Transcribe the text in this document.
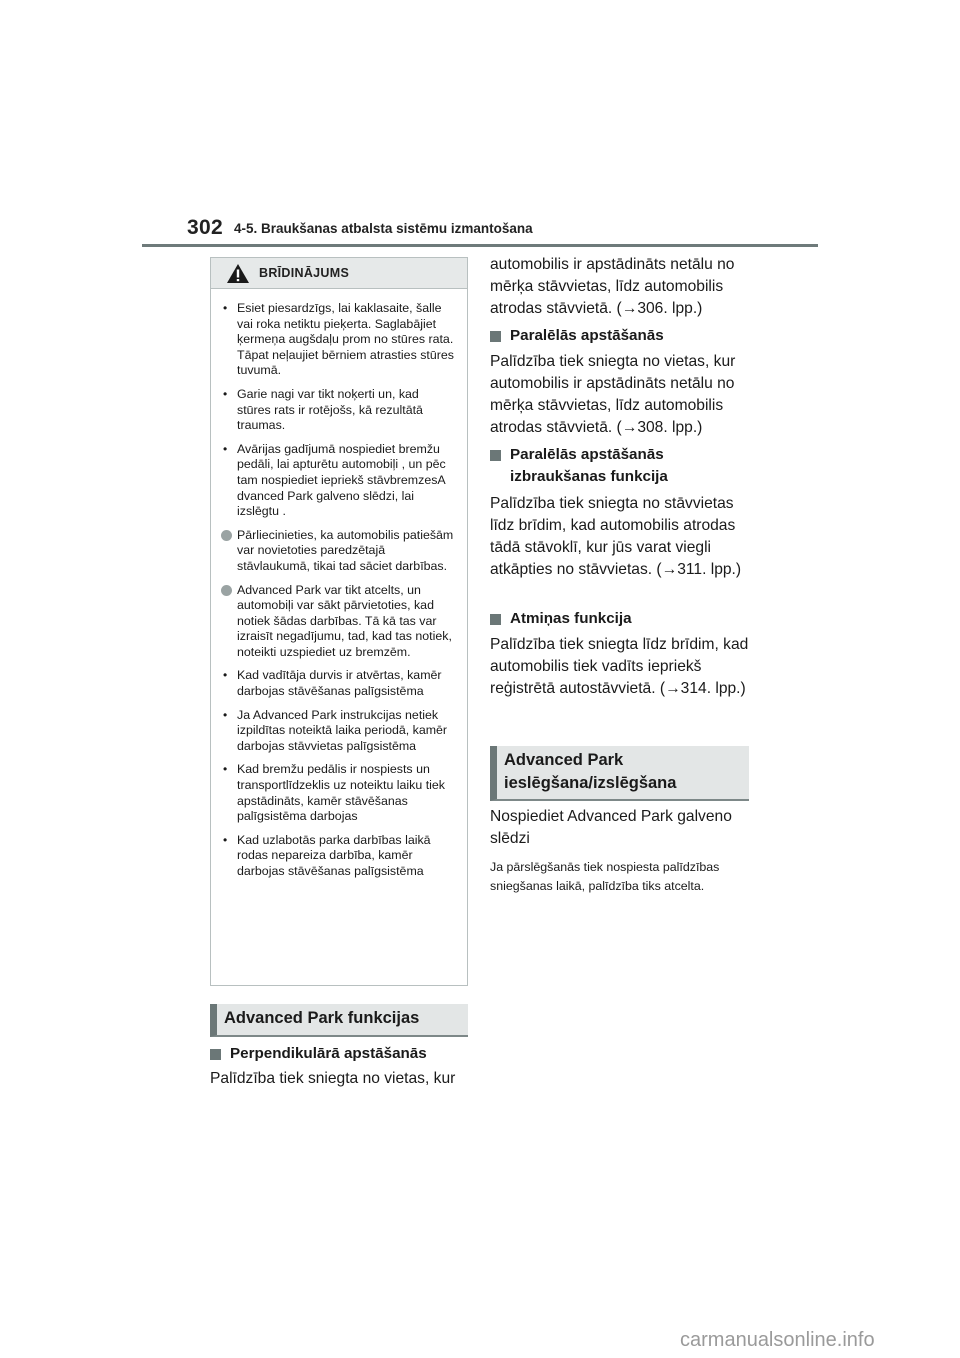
302 4-5. Braukšanas atbalsta sistēmu izmantošana
BRĪDINĀJUMS
• Esiet piesardzīgs, lai kaklasaite, šalle vai roka netiktu pieķerta. Saglabājiet ķermeņa augšdaļu prom no stūres rata. Tāpat neļaujiet bērniem atrasties stūres tuvumā.
• Garie nagi var tikt noķerti un, kad stūres rats ir rotējošs, kā rezultātā traumas.
• Avārijas gadījumā nospiediet bremžu pedāli, lai apturētu automobiļi , un pēc tam nospiediet iepriekš stāvbremzesA dvanced Park galveno slēdzi, lai izslēgtu .
Pārliecinieties, ka automobilis patiešām var novietoties paredzētajā stāvlaukumā, tikai tad sāciet darbības.
Advanced Park var tikt atcelts, un automobiļi var sākt pārvietoties, kad notiek šādas darbības. Tā kā tas var izraisīt negadījumu, tad, kad tas notiek, noteikti uzspiediet uz bremzēm.
• Kad vadītāja durvis ir atvērtas, kamēr darbojas stāvēšanas palīgsistēma
• Ja Advanced Park instrukcijas netiek izpildītas noteiktā laika periodā, kamēr darbojas stāvvietas palīgsistēma
• Kad bremžu pedālis ir nospiests un transportlīdzeklis uz noteiktu laiku tiek apstādināts, kamēr stāvēšanas palīgsistēma darbojas
• Kad uzlabotās parka darbības laikā rodas nepareiza darbība, kamēr darbojas stāvēšanas palīgsistēma
Advanced Park funkcijas
Perpendikulārā apstāšanās
Palīdzība tiek sniegta no vietas, kur
automobilis ir apstādināts netālu no mērķa stāvvietas, līdz automobilis atrodas stāvvietā. (→306. lpp.)
Paralēlās apstāšanās
Palīdzība tiek sniegta no vietas, kur automobilis ir apstādināts netālu no mērķa stāvvietas, līdz automobilis atrodas stāvvietā. (→308. lpp.)
Paralēlās apstāšanās izbraukšanas funkcija
Palīdzība tiek sniegta no stāvvietas līdz brīdim, kad automobilis atrodas tādā stāvoklī, kur jūs varat viegli atkāpties no stāvvietas. (→311. lpp.)
Atmiņas funkcija
Palīdzība tiek sniegta līdz brīdim, kad automobilis tiek vadīts iepriekš reģistrētā autostāvvietā. (→314. lpp.)
Advanced Park ieslēgšana/izslēgšana
Nospiediet Advanced Park galveno slēdzi
Ja pārslēgšanās tiek nospiesta palīdzības sniegšanas laikā, palīdzība tiks atcelta.
carmanualsonline.info
